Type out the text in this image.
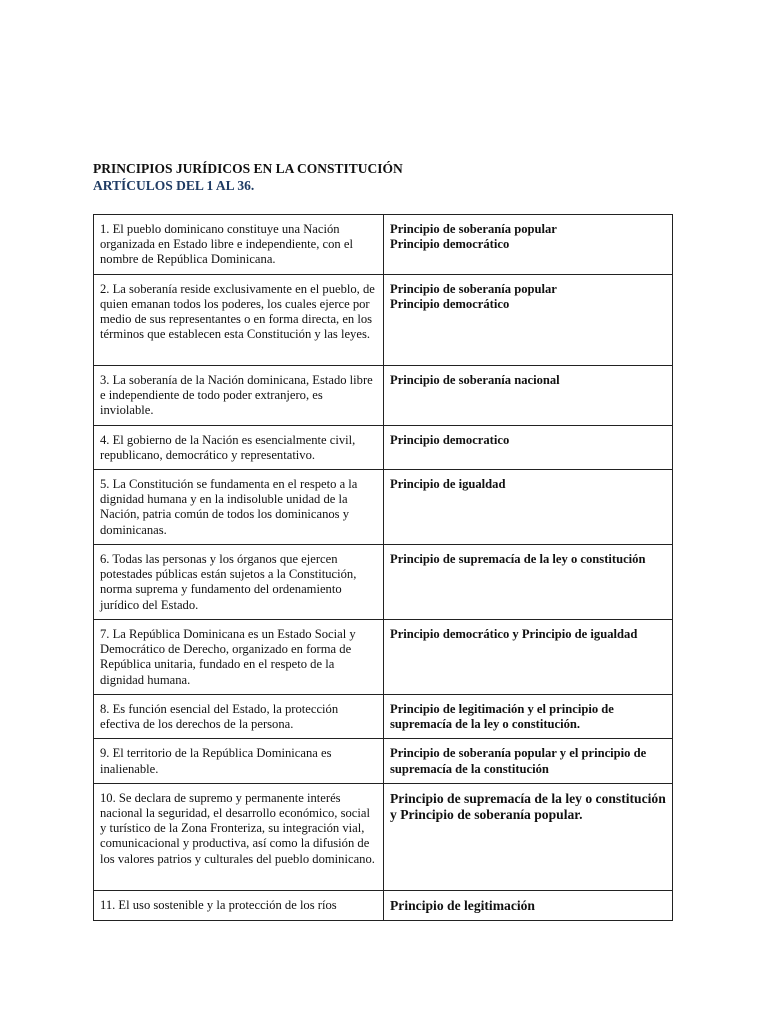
PRINCIPIOS JURÍDICOS EN LA CONSTITUCIÓN

ARTÍCULOS DEL 1 AL 36.

1. El pueblo dominicano constituye una Nación organizada en Estado libre e independiente, con el nombre de República Dominicana.	Principio de soberanía popular
Principio democrático

2. La soberanía reside exclusivamente en el pueblo, de quien emanan todos los poderes, los cuales ejerce por medio de sus representantes o en forma directa, en los términos que establecen esta Constitución y las leyes.	Principio de soberanía popular
Principio democrático

3. La soberanía de la Nación dominicana, Estado libre e independiente de todo poder extranjero, es inviolable.	Principio de soberanía nacional

4. El gobierno de la Nación es esencialmente civil, republicano, democrático y representativo.	Principio democratico

5. La Constitución se fundamenta en el respeto a la dignidad humana y en la indisoluble unidad de la Nación, patria común de todos los dominicanos y dominicanas.	Principio de igualdad

6. Todas las personas y los órganos que ejercen potestades públicas están sujetos a la Constitución, norma suprema y fundamento del ordenamiento jurídico del Estado.	Principio de supremacía de la ley o constitución

7. La República Dominicana es un Estado Social y Democrático de Derecho, organizado en forma de República unitaria, fundado en el respeto de la dignidad humana.	Principio democrático y Principio de igualdad

8. Es función esencial del Estado, la protección efectiva de los derechos de la persona.	Principio de legitimación y el principio de supremacía de la ley o constitución.

9. El territorio de la República Dominicana es inalienable.	Principio de soberanía popular y el principio de supremacía de la constitución

10. Se declara de supremo y permanente interés nacional la seguridad, el desarrollo económico, social y turístico de la Zona Fronteriza, su integración vial, comunicacional y productiva, así como la difusión de los valores patrios y culturales del pueblo dominicano.	Principio de supremacía de la ley o constitución y Principio de soberanía popular.

11. El uso sostenible y la protección de los ríos	Principio de legitimación
